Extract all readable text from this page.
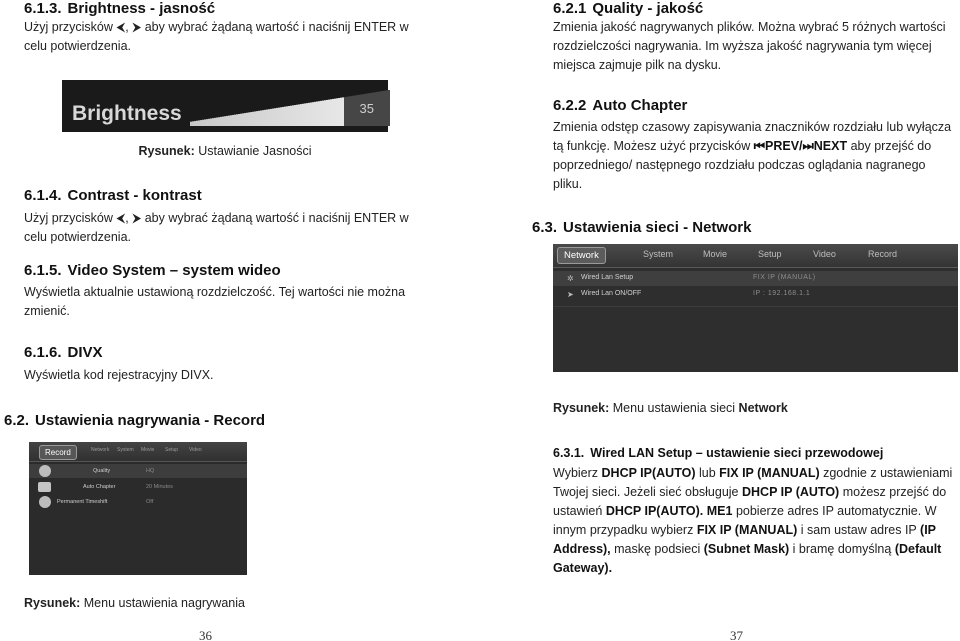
6.1.3. Brightness - jasność
Użyj przycisków ⮜, ⮞ aby wybrać żądaną wartość i naciśnij ENTER w celu potwierdzenia.
Brightness	35
Rysunek: Ustawianie Jasności
6.1.4. Contrast - kontrast
Użyj przycisków ⮜, ⮞ aby wybrać żądaną wartość i naciśnij ENTER w celu potwierdzenia.
6.1.5. Video System – system wideo
Wyświetla aktualnie ustawioną rozdzielczość. Tej wartości nie można zmienić.
6.1.6. DIVX
Wyświetla kod rejestracyjny DIVX.
6.2. Ustawienia nagrywania - Record
Record	Network System Movie Setup Video
Quality	HQ
Auto Chapter	20 Minutes
Permanent Timeshift	Off
Rysunek: Menu ustawienia nagrywania
36
6.2.1 Quality - jakość
Zmienia jakość nagrywanych plików. Można wybrać 5 różnych wartości rozdzielczości nagrywania. Im wyższa jakość nagrywania tym więcej miejsca zajmuje pilk na dysku.
6.2.2 Auto Chapter
Zmienia odstęp czasowy zapisywania znaczników rozdziału lub wyłącza tą funkcję. Możesz użyć przycisków ⏮PREV/⏭NEXT aby przejść do poprzedniego/ następnego rozdziału podczas oglądania nagranego pliku.
6.3. Ustawienia sieci - Network
Network	System	Movie	Setup	Video	Record
✲	Wired Lan Setup	FIX IP (MANUAL)
➤	Wired Lan ON/OFF	IP : 192.168.1.1
Rysunek: Menu ustawienia sieci Network
6.3.1. Wired LAN Setup – ustawienie sieci przewodowej
Wybierz DHCP IP(AUTO) lub FIX IP (MANUAL) zgodnie z ustawieniami Twojej sieci. Jeżeli sieć obsługuje DHCP IP (AUTO) możesz przejść do ustawień DHCP IP(AUTO). ME1 pobierze adres IP automatycznie. W innym przypadku wybierz FIX IP (MANUAL) i sam ustaw adres IP (IP Address), maskę podsieci (Subnet Mask) i bramę domyślną (Default Gateway).
37
